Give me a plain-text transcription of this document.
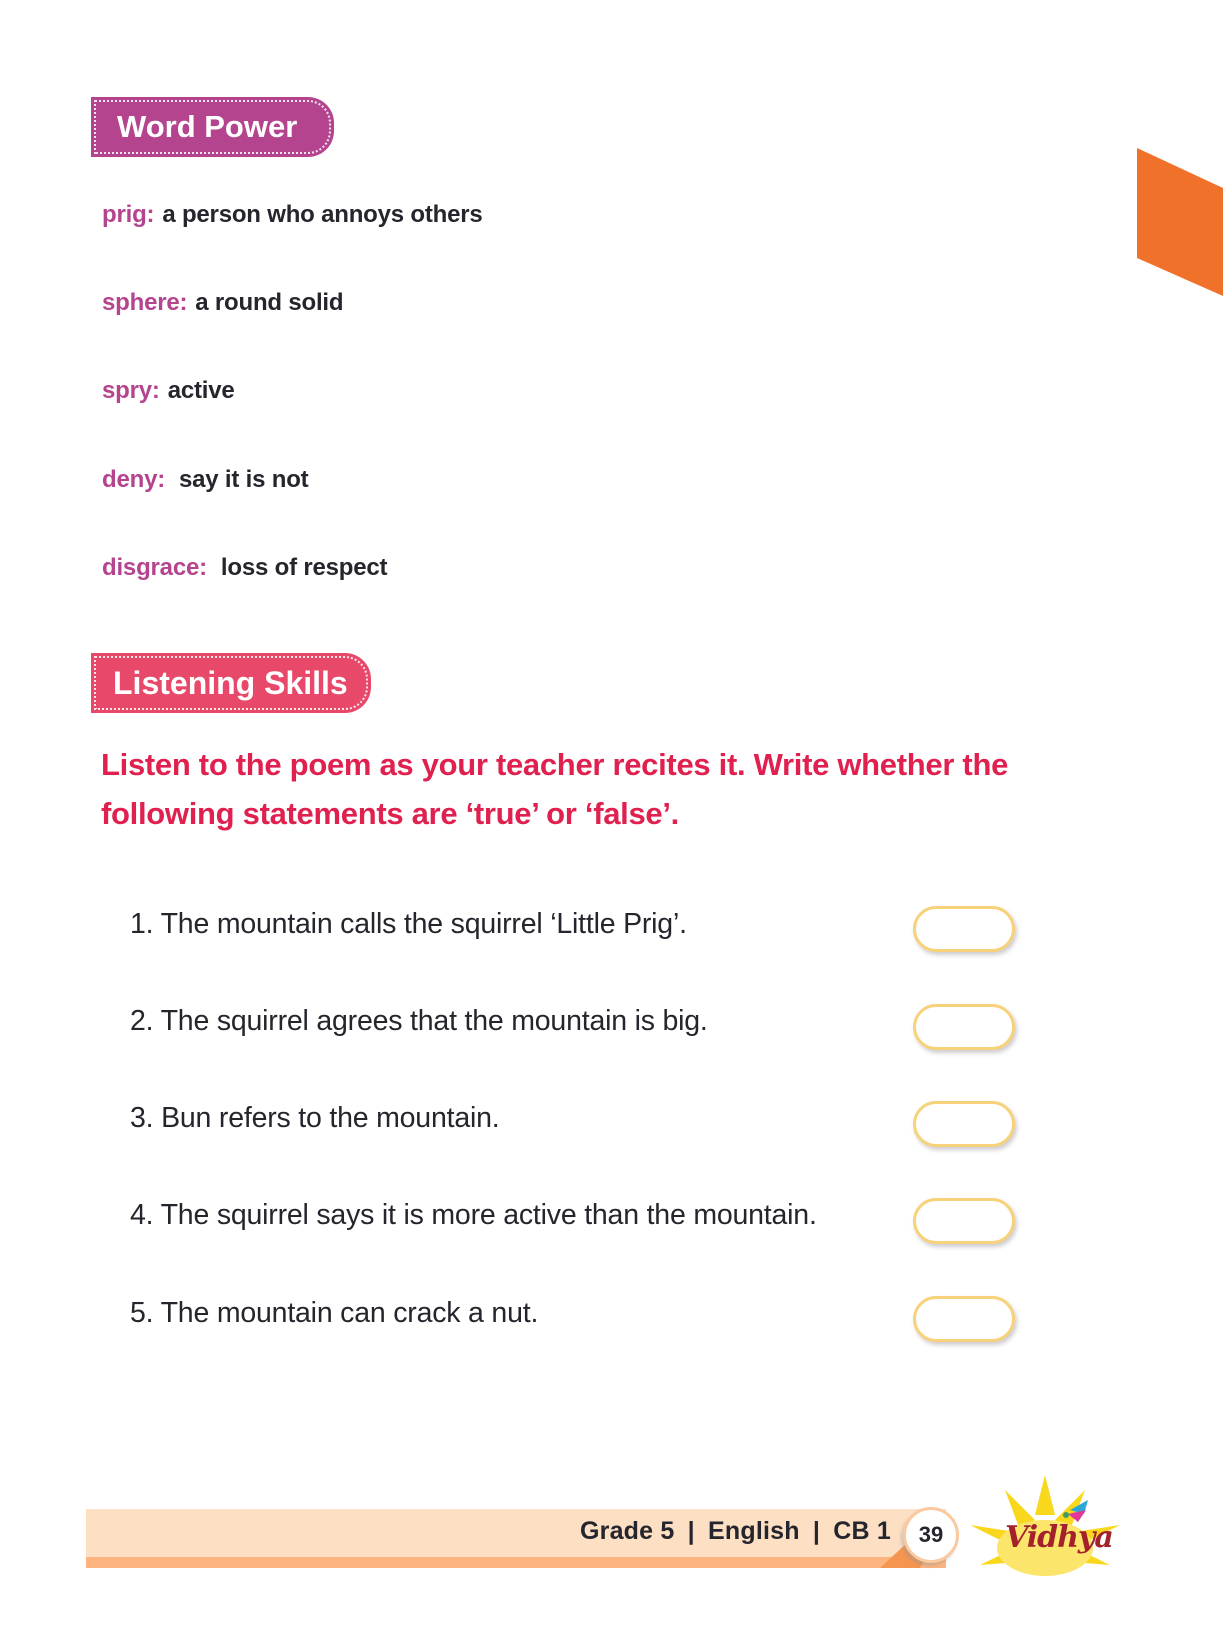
Word Power
prig: a person who annoys others
sphere: a round solid
spry: active
deny: say it is not
disgrace: loss of respect
Listening Skills
Listen to the poem as your teacher recites it. Write whether the
following statements are ‘true’ or ‘false’.
1. The mountain calls the squirrel ‘Little Prig’.
2. The squirrel agrees that the mountain is big.
3. Bun refers to the mountain.
4. The squirrel says it is more active than the mountain.
5. The mountain can crack a nut.
Grade 5 | English | CB 1	39	Vidhya
